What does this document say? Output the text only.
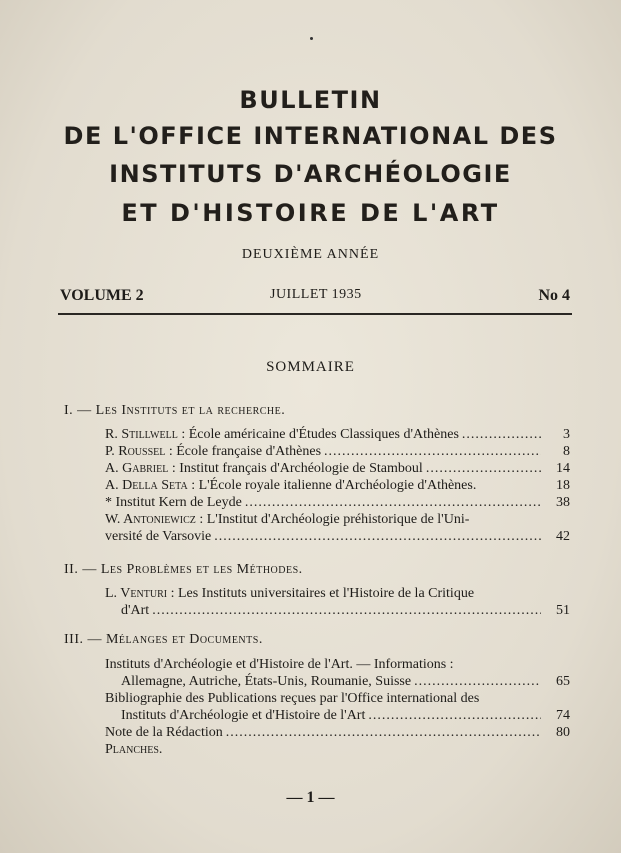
BULLETIN
DE L'OFFICE INTERNATIONAL DES
INSTITUTS D'ARCHÉOLOGIE
ET D'HISTOIRE DE L'ART
DEUXIÈME ANNÉE
VOLUME 2	JUILLET 1935	No 4
SOMMAIRE
I. — Les Instituts et la recherche.
R. Stillwell : École américaine d'Études Classiques d'Athènes .....	3
P. Roussel : École française d'Athènes .....	8
A. Gabriel : Institut français d'Archéologie de Stamboul .....	14
A. Della Seta : L'École royale italienne d'Archéologie d'Athènes.	18
* Institut Kern de Leyde .....	38
W. Antoniewicz : L'Institut d'Archéologie préhistorique de l'Uni-
versité de Varsovie .....	42
II. — Les Problèmes et les Méthodes.
L. Venturi : Les Instituts universitaires et l'Histoire de la Critique
d'Art .....	51
III. — Mélanges et Documents.
Instituts d'Archéologie et d'Histoire de l'Art. — Informations :
Allemagne, Autriche, États-Unis, Roumanie, Suisse .....	65
Bibliographie des Publications reçues par l'Office international des
Instituts d'Archéologie et d'Histoire de l'Art .....	74
Note de la Rédaction .....	80
Planches.
— 1 —
